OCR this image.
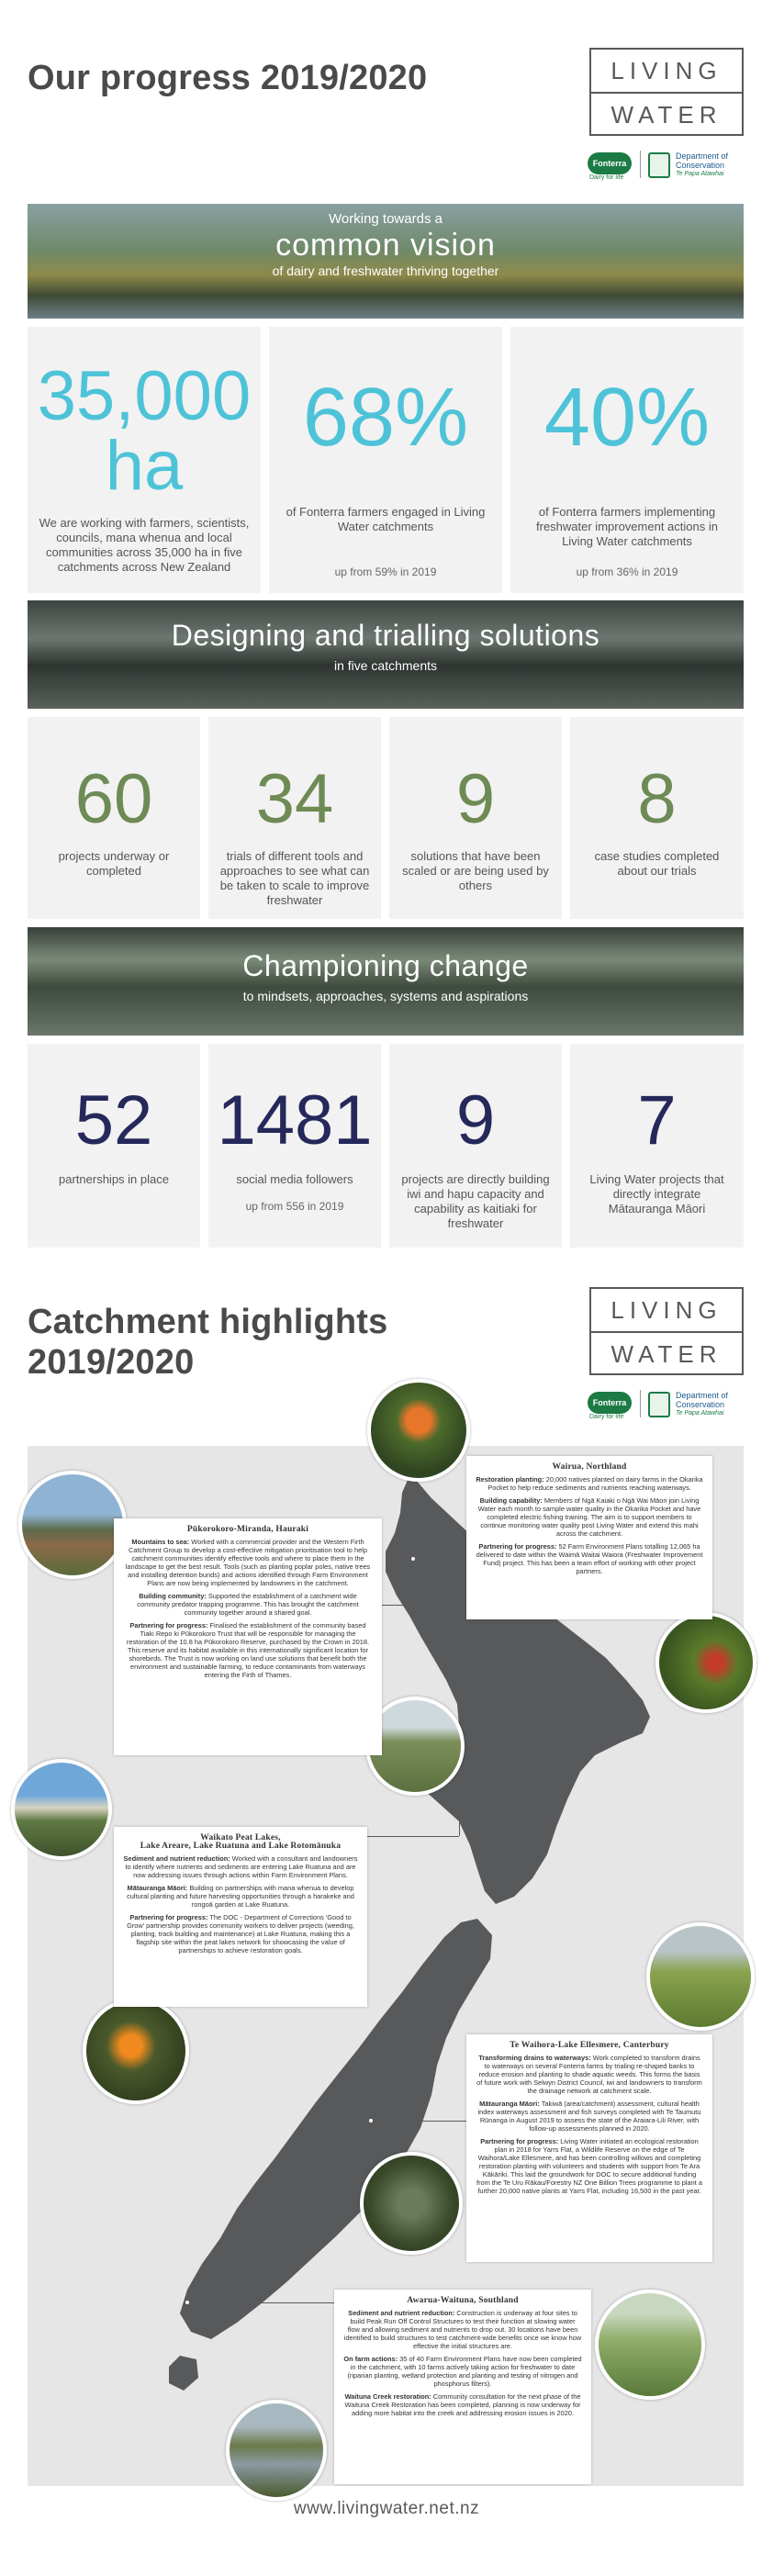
Our progress 2019/2020	LIVING
WATER
Fonterra
Dairy for life
Department of
Conservation
Te Papa Atawhai
Working towards a
common vision
of dairy and freshwater thriving together
35,000
ha
We are working with farmers, scientists, councils, mana whenua and local communities across 35,000 ha in five catchments across New Zealand
68%
of Fonterra farmers engaged in Living Water catchments
up from 59% in 2019
40%
of Fonterra farmers implementing freshwater improvement actions in Living Water catchments
up from 36% in 2019
Designing and trialling solutions
in five catchments
60
projects underway or completed
34
trials of different tools and approaches to see what can be taken to scale to improve freshwater
9
solutions that have been scaled or are being used by others
8
case studies completed about our trials
Championing change
to mindsets, approaches, systems and aspirations
52
partnerships in place
1481
social media followers
up from 556 in 2019
9
projects are directly building iwi and hapu capacity and capability as kaitiaki for freshwater
7
Living Water projects that directly integrate Mātauranga Māori
Catchment highlights
2019/2020
LIVING
WATER
Fonterra
Dairy for life
Department of
Conservation
Te Papa Atawhai
Wairua, Northland

Restoration planting: 20,000 natives planted on dairy farms in the Okarika Pocket to help reduce sediments and nutrients reaching waterways.

Building capability: Members of Ngā Kaiaki o Ngā Wai Māori join Living Water each month to sample water quality in the Okarika Pocket and have completed electric fishing training. The aim is to support members to continue monitoring water quality post Living Water and extend this mahi across the catchment.

Partnering for progress: 52 Farm Environment Plans totalling 12,065 ha delivered to date within the Waimā Waitai Waiora (Freshwater Improvement Fund) project. This has been a team effort of working with other project partners.

Pūkorokoro-Miranda, Hauraki

Mountains to sea: Worked with a commercial provider and the Western Firth Catchment Group to develop a cost-effective mitigation prioritisation tool to help catchment communities identify effective tools and where to place them in the landscape to get the best result. Tools (such as planting poplar poles, native trees and installing detention bunds) and actions identified through Farm Environment Plans are now being implemented by landowners in the catchment.

Building community: Supported the establishment of a catchment wide community predator trapping programme. This has brought the catchment community together around a shared goal.

Partnering for progress: Finalised the establishment of the community based Tiaki Repo ki Pūkorokoro Trust that will be responsible for managing the restoration of the 10.8 ha Pūkorokoro Reserve, purchased by the Crown in 2018. This reserve and its habitat available in this internationally significant location for shorebirds. The Trust is now working on land use solutions that benefit both the environment and sustainable farming, to reduce contaminants from waterways entering the Firth of Thames.

Waikato Peat Lakes,
Lake Areare, Lake Ruatuna and Lake Rotomānuka

Sediment and nutrient reduction: Worked with a consultant and landowners to identify where nutrients and sediments are entering Lake Ruatuna and are now addressing issues through actions within Farm Environment Plans.

Mātauranga Māori: Building on partnerships with mana whenua to develop cultural planting and future harvesting opportunities through a harakeke and rongoā garden at Lake Ruatuna.

Partnering for progress: The DOC - Department of Corrections 'Good to Grow' partnership provides community workers to deliver projects (weeding, planting, track building and maintenance) at Lake Ruatuna, making this a flagship site within the peat lakes network for showcasing the value of partnerships to achieve restoration goals.

Te Waihora-Lake Ellesmere, Canterbury

Transforming drains to waterways: Work completed to transform drains to waterways on several Fonterra farms by trialing re-shaped banks to reduce erosion and planting to shade aquatic weeds. This forms the basis of future work with Selwyn District Council, iwi and landowners to transform the drainage network at catchment scale.

Mātauranga Māori: Takiwā (area/catchment) assessment, cultural health index waterways assessment and fish surveys completed with Te Taumutu Rūnanga in August 2019 to assess the state of the Araiara-Lili River, with follow-up assessments planned in 2020.

Partnering for progress: Living Water initiated an ecological restoration plan in 2018 for Yarrs Flat, a Wildlife Reserve on the edge of Te Waihora/Lake Ellesmere, and has been controlling willows and completing restoration planting with volunteers and students with support from Te Ara Kākāriki. This laid the groundwork for DOC to secure additional funding from the Te Uru Rākau/Forestry NZ One Billion Trees programme to plant a further 20,000 native plants at Yarrs Flat, including 16,500 in the past year.

Awarua-Waituna, Southland

Sediment and nutrient reduction: Construction is underway at four sites to build Peak Run Off Control Structures to test their function at slowing water flow and allowing sediment and nutrients to drop out. 30 locations have been identified to build structures to test catchment-wide benefits once we know how effective the initial structures are.

On farm actions: 35 of 40 Farm Environment Plans have now been completed in the catchment, with 10 farms actively taking action for freshwater to date (riparian planting, wetland protection and planting and testing of nitrogen and phosphorus filters).

Waituna Creek restoration: Community consultation for the next phase of the Waituna Creek Restoration has been completed, planning is now underway for adding more habitat into the creek and addressing erosion issues in 2020.

www.livingwater.net.nz
